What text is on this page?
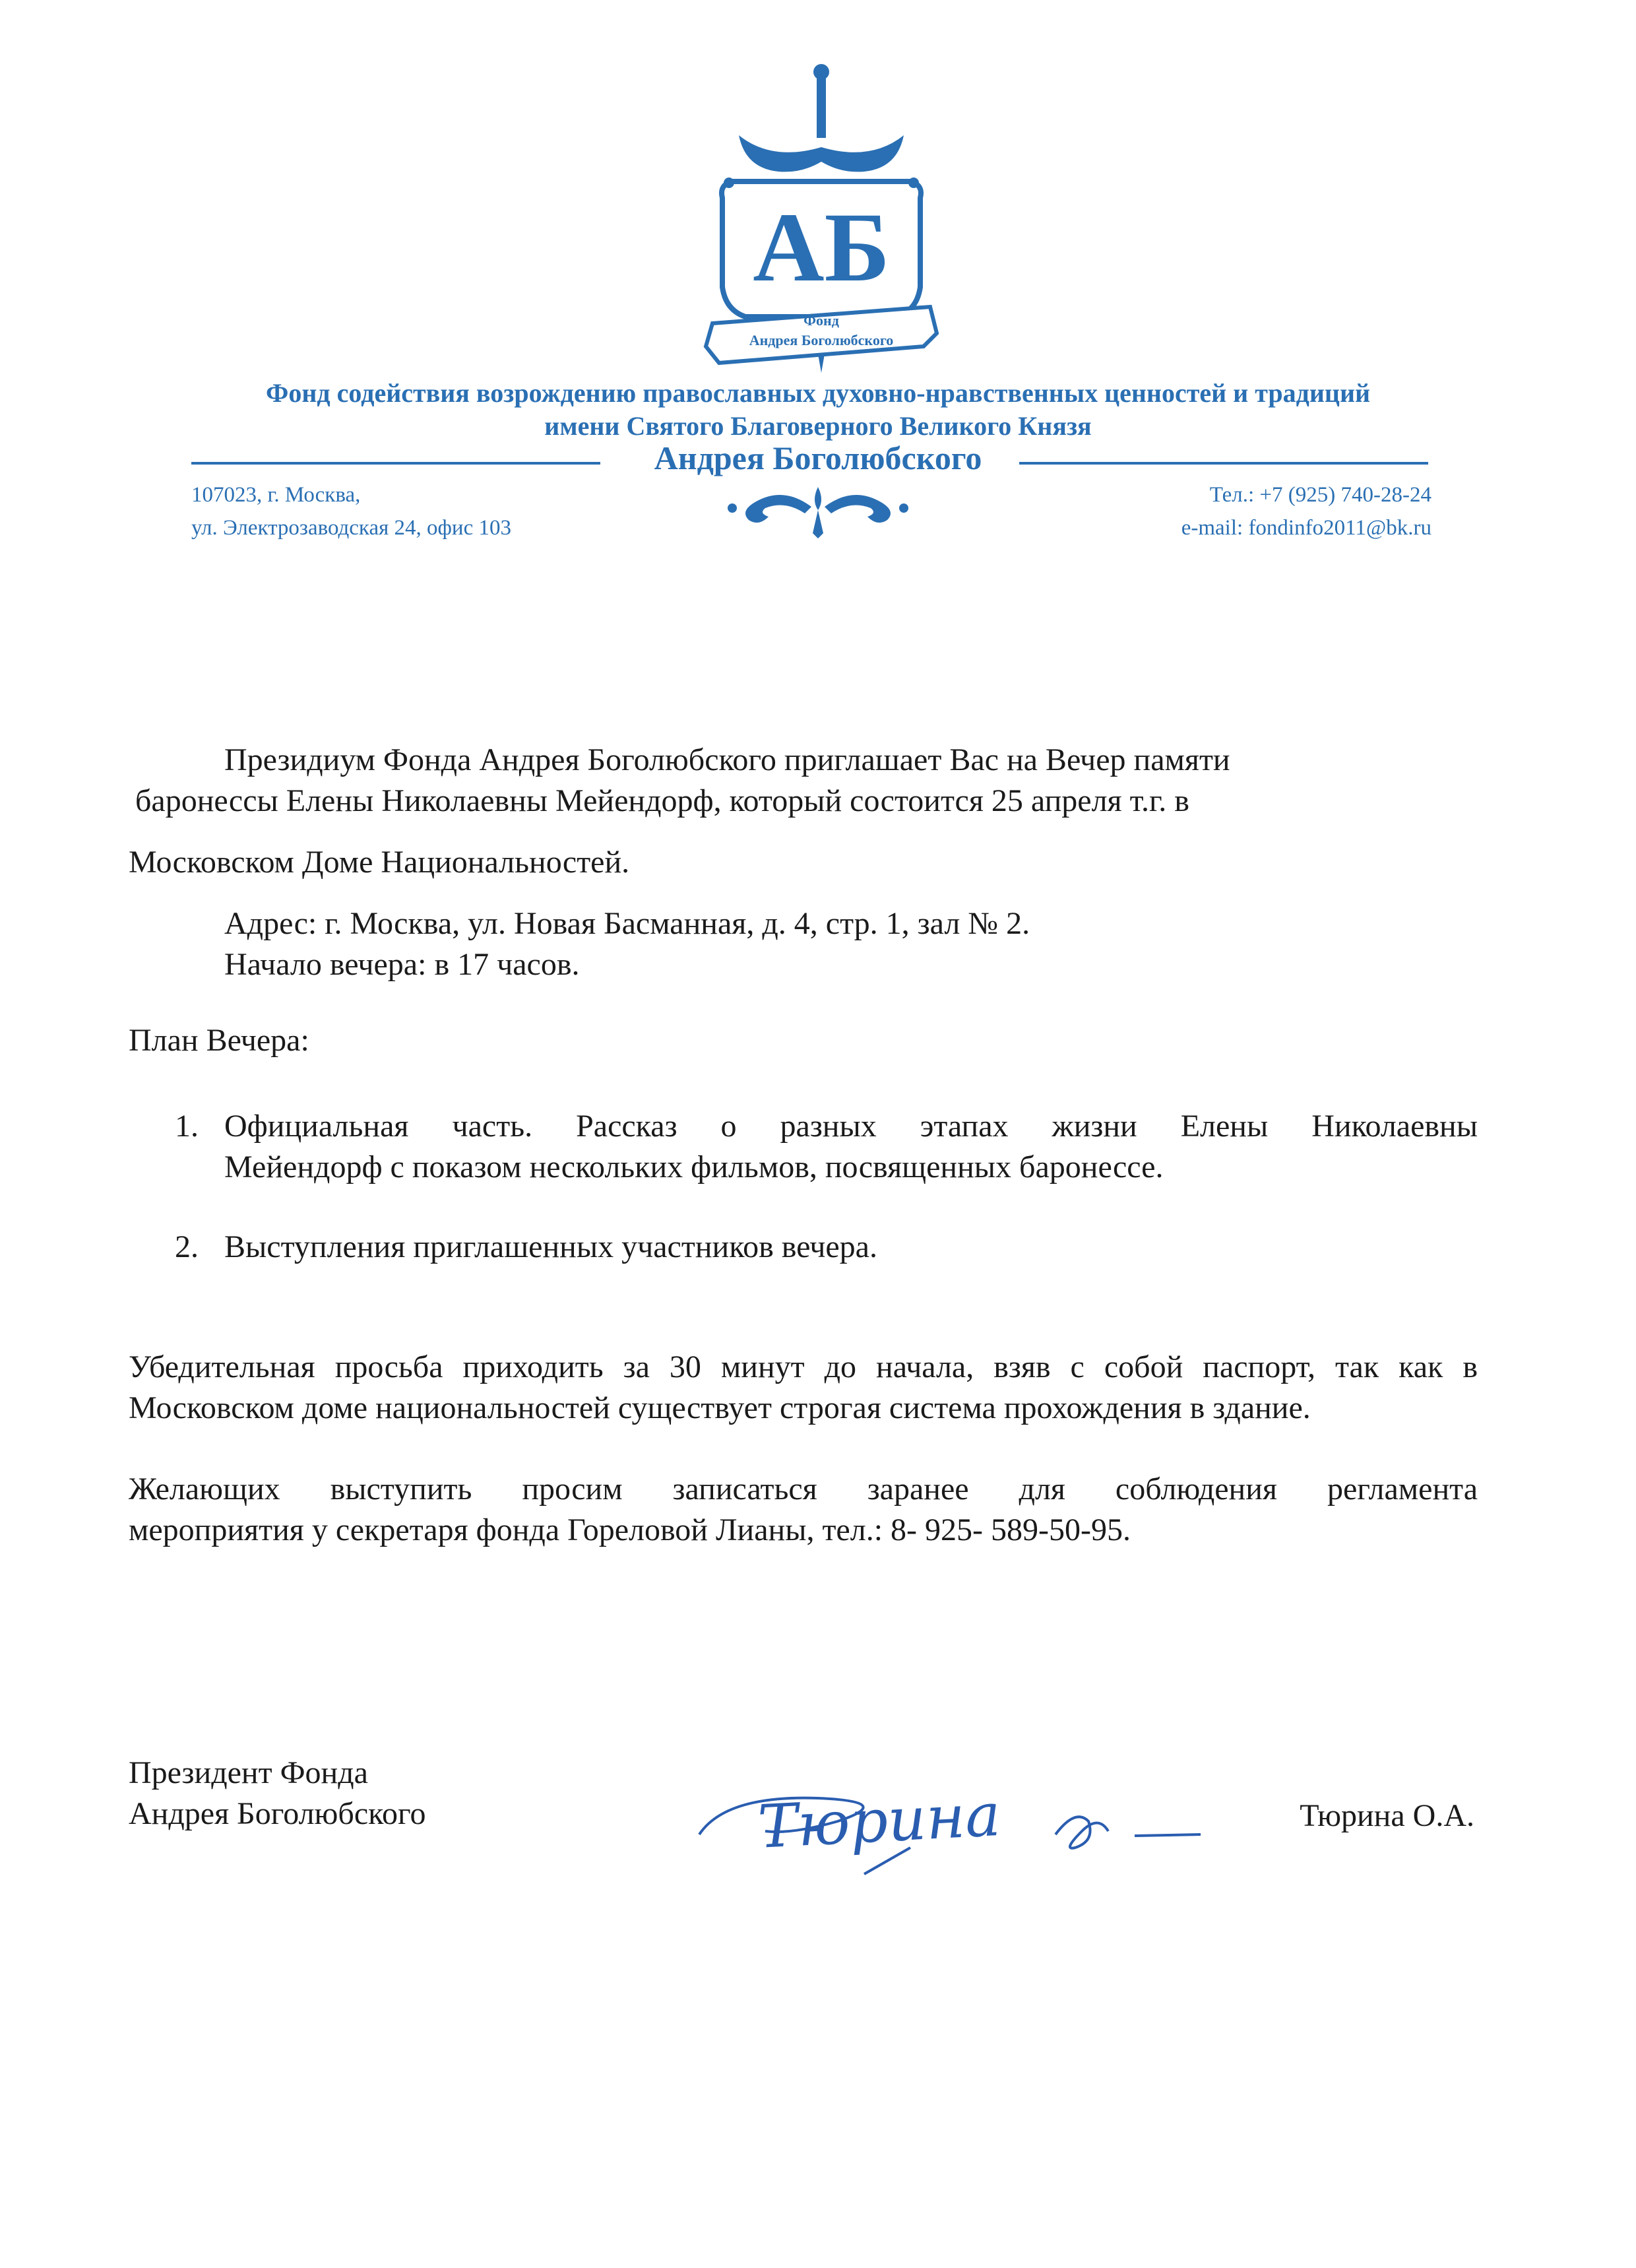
АБ
Фонд
Андрея Боголюбского
Фонд содействия возрождению православных духовно-нравственных ценностей и традиций
имени Святого Благоверного Великого Князя
Андрея Боголюбского
107023, г. Москва,
ул. Электрозаводская 24, офис 103
Тел.: +7 (925) 740-28-24
e-mail: fondinfo2011@bk.ru
Президиум Фонда Андрея Боголюбского приглашает Вас на Вечер памяти
баронессы Елены Николаевны Мейендорф, который состоится 25 апреля т.г. в
Московском Доме Национальностей.
Адрес: г. Москва, ул. Новая Басманная, д. 4, стр. 1, зал № 2.
Начало вечера: в 17 часов.
План Вечера:
1. Официальная часть. Рассказ о разных этапах жизни Елены Николаевны
Мейендорф с показом нескольких фильмов, посвященных баронессе.
2. Выступления приглашенных участников вечера.
Убедительная просьба приходить за 30 минут до начала, взяв с собой паспорт, так как в
Московском доме национальностей существует строгая система прохождения в здание.
Желающих выступить просим записаться заранее для соблюдения регламента
мероприятия у секретаря фонда Гореловой Лианы, тел.: 8- 925- 589-50-95.
Президент Фонда
Андрея Боголюбского	Тюрина	Тюрина О.А.
